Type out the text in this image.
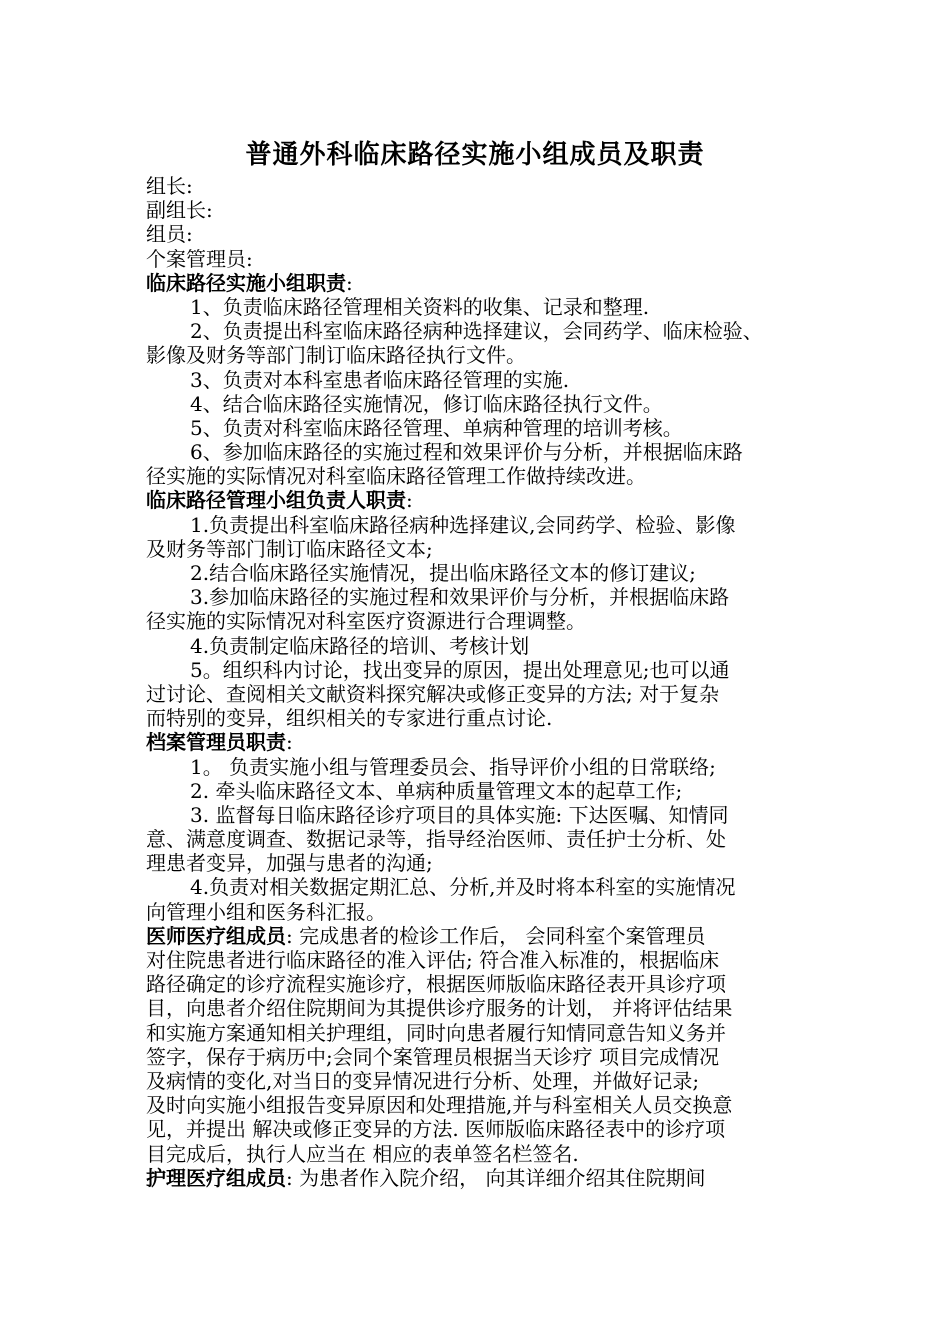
普通外科临床路径实施小组成员及职责
组长:
副组长:
组员:
个案管理员:
临床路径实施小组职责:
1、负责临床路径管理相关资料的收集、记录和整理.
2、负责提出科室临床路径病种选择建议，会同药学、临床检验、
影像及财务等部门制订临床路径执行文件。
3、负责对本科室患者临床路径管理的实施.
4、结合临床路径实施情况，修订临床路径执行文件。
5、负责对科室临床路径管理、单病种管理的培训考核。
6、参加临床路径的实施过程和效果评价与分析，并根据临床路
径实施的实际情况对科室临床路径管理工作做持续改进。
临床路径管理小组负责人职责:
1.负责提出科室临床路径病种选择建议,会同药学、检验、影像
及财务等部门制订临床路径文本;
2.结合临床路径实施情况，提出临床路径文本的修订建议;
3.参加临床路径的实施过程和效果评价与分析，并根据临床路
径实施的实际情况对科室医疗资源进行合理调整。
4.负责制定临床路径的培训、考核计划
5。组织科内讨论，找出变异的原因，提出处理意见;也可以通
过讨论、查阅相关文献资料探究解决或修正变异的方法; 对于复杂
而特别的变异，组织相关的专家进行重点讨论.
档案管理员职责:
1。 负责实施小组与管理委员会、指导评价小组的日常联络;
2. 牵头临床路径文本、单病种质量管理文本的起草工作;
3. 监督每日临床路径诊疗项目的具体实施: 下达医嘱、知情同
意、满意度调查、数据记录等，指导经治医师、责任护士分析、处
理患者变异，加强与患者的沟通;
4.负责对相关数据定期汇总、分析,并及时将本科室的实施情况
向管理小组和医务科汇报。
医师医疗组成员: 完成患者的检诊工作后， 会同科室个案管理员
对住院患者进行临床路径的准入评估; 符合准入标准的，根据临床
路径确定的诊疗流程实施诊疗，根据医师版临床路径表开具诊疗项
目，向患者介绍住院期间为其提供诊疗服务的计划， 并将评估结果
和实施方案通知相关护理组，同时向患者履行知情同意告知义务并
签字，保存于病历中;会同个案管理员根据当天诊疗 项目完成情况
及病情的变化,对当日的变异情况进行分析、处理，并做好记录;
及时向实施小组报告变异原因和处理措施,并与科室相关人员交换意
见，并提出 解决或修正变异的方法. 医师版临床路径表中的诊疗项
目完成后，执行人应当在 相应的表单签名栏签名.
护理医疗组成员: 为患者作入院介绍， 向其详细介绍其住院期间
